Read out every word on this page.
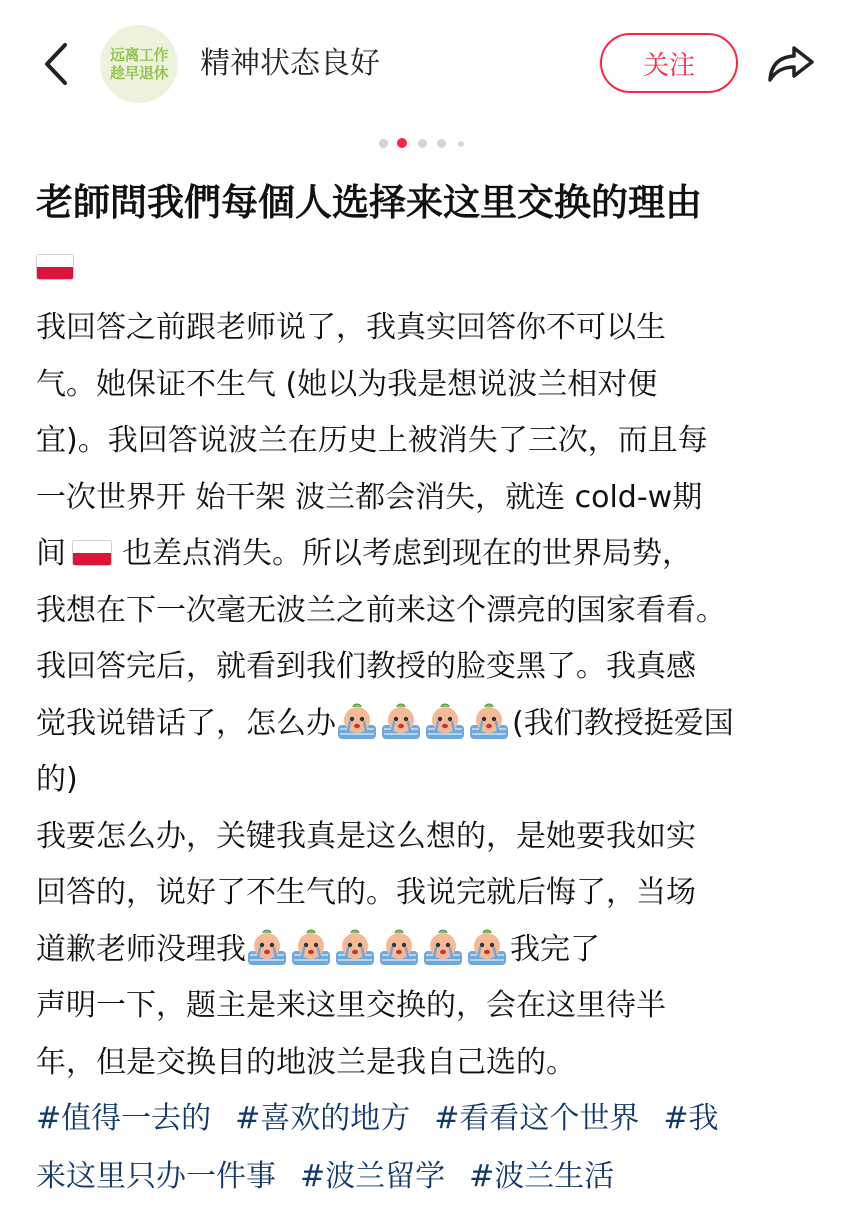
远离工作
趁早退休 精神状态良好	关注
老師問我們每個人选择来这里交换的理由
我回答之前跟老师说了，我真实回答你不可以生
气。她保证不生气 (她以为我是想说波兰相对便
宜)。我回答说波兰在历史上被消失了三次，而且每
一次世界开 始干架 波兰都会消失，就连 cold-w期
间 也差点消失。所以考虑到现在的世界局势，
我想在下一次毫无波兰之前来这个漂亮的国家看看。
我回答完后，就看到我们教授的脸变黑了。我真感
觉我说错话了，怎么办	(我们教授挺爱国
的)
我要怎么办，关键我真是这么想的，是她要我如实
回答的，说好了不生气的。我说完就后悔了，当场
道歉老师没理我	我完了
声明一下，题主是来这里交换的，会在这里待半
年，但是交换目的地波兰是我自己选的。
#值得一去的 #喜欢的地方 #看看这个世界 #我
来这里只办一件事 #波兰留学 #波兰生活
